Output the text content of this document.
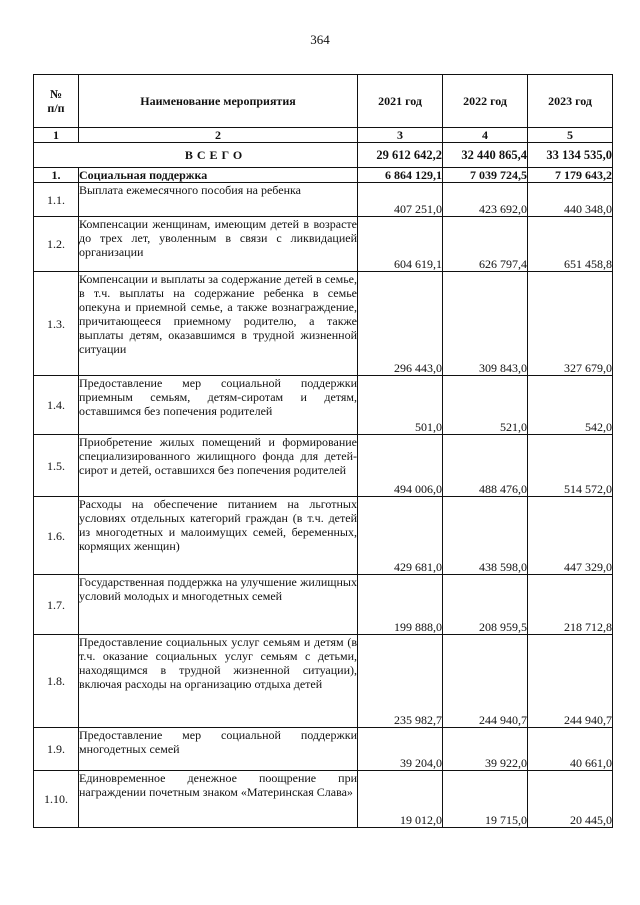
364
№
п/п	Наименование мероприятия	2021 год	2022 год	2023 год
1	2	3	4	5
ВСЕГО		29 612 642,2	32 440 865,4	33 134 535,0
1.	Социальная поддержка	6 864 129,1	7 039 724,5	7 179 643,2
1.1.	Выплата ежемесячного пособия на ребенка	407 251,0	423 692,0	440 348,0
1.2.	Компенсации женщинам, имеющим детей в возрасте до трех лет, уволенным в связи с ликвидацией организации	604 619,1	626 797,4	651 458,8
1.3.	Компенсации и выплаты за содержание детей в семье, в т.ч. выплаты на содержание ребенка в семье опекуна и приемной семье, а также вознаграждение, причитающееся приемному родителю, а также выплаты детям, оказавшимся в трудной жизненной ситуации	296 443,0	309 843,0	327 679,0
1.4.	Предоставление мер социальной поддержки приемным семьям, детям-сиротам и детям, оставшимся без попечения родителей	501,0	521,0	542,0
1.5.	Приобретение жилых помещений и формирование специализированного жилищного фонда для детей-сирот и детей, оставшихся без попечения родителей	494 006,0	488 476,0	514 572,0
1.6.	Расходы на обеспечение питанием на льготных условиях отдельных категорий граждан (в т.ч. детей из многодетных и малоимущих семей, беременных, кормящих женщин)	429 681,0	438 598,0	447 329,0
1.7.	Государственная поддержка на улучшение жилищных условий молодых и многодетных семей	199 888,0	208 959,5	218 712,8
1.8.	Предоставление социальных услуг семьям и детям (в т.ч. оказание социальных услуг семьям с детьми, находящимся в трудной жизненной ситуации), включая расходы на организацию отдыха детей	235 982,7	244 940,7	244 940,7
1.9.	Предоставление мер социальной поддержки многодетных семей	39 204,0	39 922,0	40 661,0
1.10.	Единовременное денежное поощрение при награждении почетным знаком «Материнская Слава»	19 012,0	19 715,0	20 445,0
